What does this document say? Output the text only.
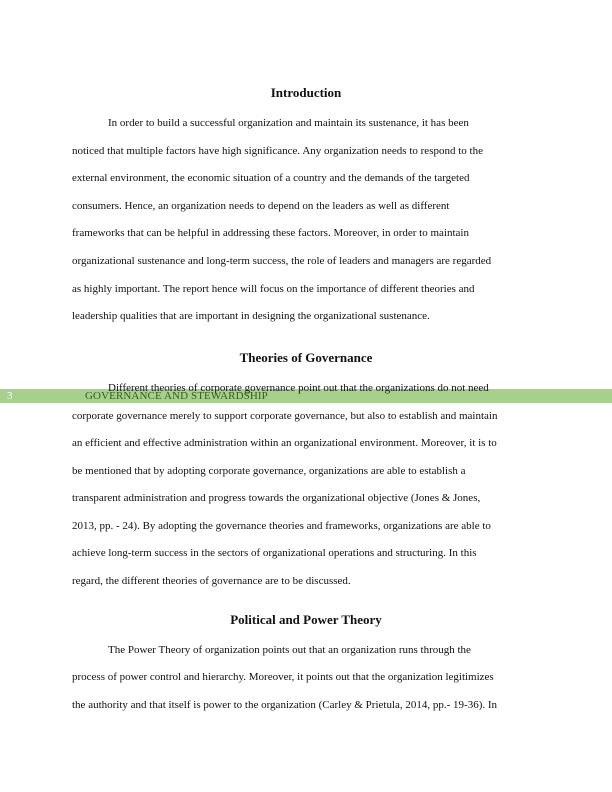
Introduction
In order to build a successful organization and maintain its sustenance, it has been
noticed that multiple factors have high significance. Any organization needs to respond to the
external environment, the economic situation of a country and the demands of the targeted
consumers. Hence, an organization needs to depend on the leaders as well as different
frameworks that can be helpful in addressing these factors. Moreover, in order to maintain
organizational sustenance and long-term success, the role of leaders and managers are regarded
as highly important. The report hence will focus on the importance of different theories and
leadership qualities that are important in designing the organizational sustenance.
Theories of Governance
Different theories of corporate governance point out that the organizations do not need
3	GOVERNANCE AND STEWARDSHIP
corporate governance merely to support corporate governance, but also to establish and maintain
an efficient and effective administration within an organizational environment. Moreover, it is to
be mentioned that by adopting corporate governance, organizations are able to establish a
transparent administration and progress towards the organizational objective (Jones & Jones,
2013, pp. - 24). By adopting the governance theories and frameworks, organizations are able to
achieve long-term success in the sectors of organizational operations and structuring. In this
regard, the different theories of governance are to be discussed.
Political and Power Theory
The Power Theory of organization points out that an organization runs through the
process of power control and hierarchy. Moreover, it points out that the organization legitimizes
the authority and that itself is power to the organization (Carley & Prietula, 2014, pp.- 19-36). In
